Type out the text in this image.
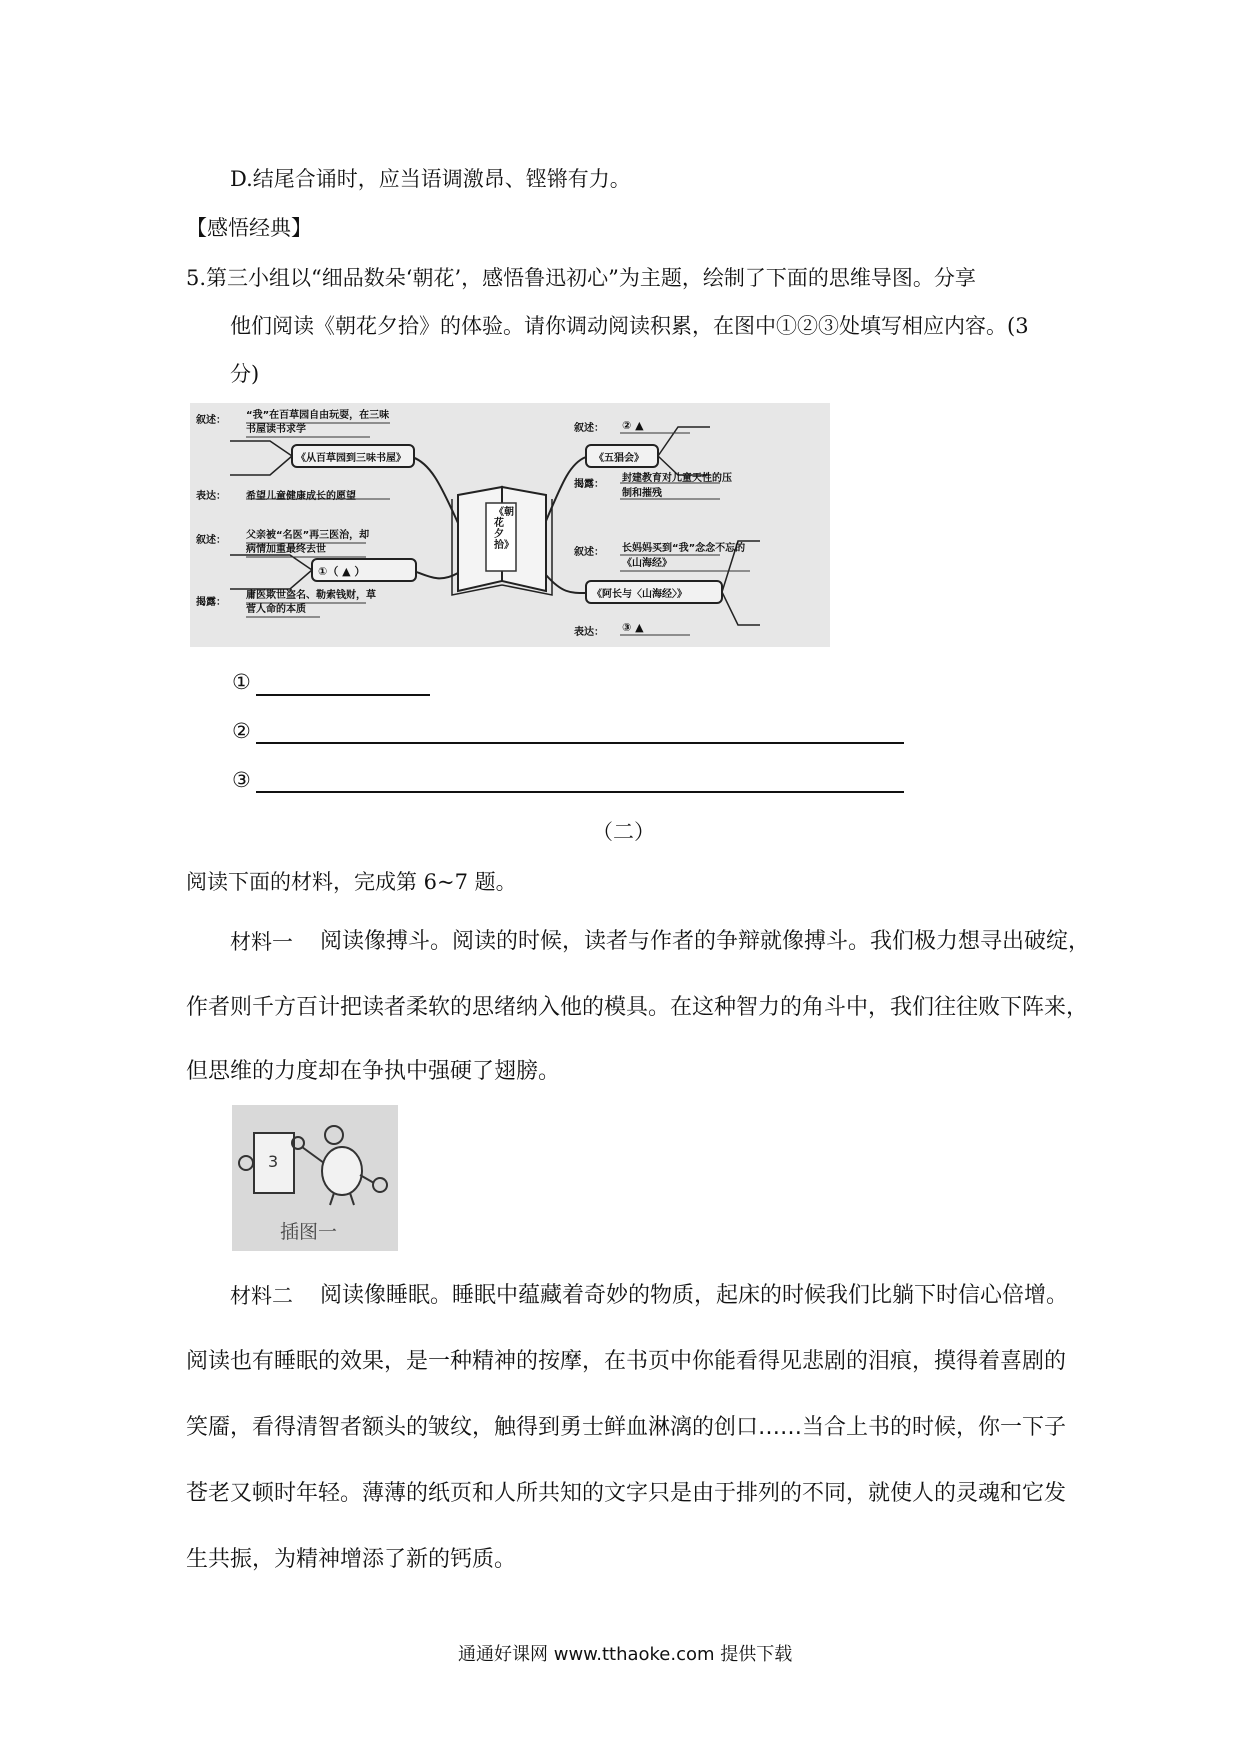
D.结尾合诵时，应当语调激昂、铿锵有力。
【感悟经典】
5.第三小组以“细品数朵‘朝花’，感悟鲁迅初心”为主题，绘制了下面的思维导图。分享
他们阅读《朝花夕拾》的体验。请你调动阅读积累，在图中①②③处填写相应内容。(3
分)
《朝花夕拾》
叙述： “我”在百草园自由玩耍，在三味书屋读书求学
《从百草园到三味书屋》
表达： 希望儿童健康成长的愿望
叙述： 父亲被“名医”再三医治，却病情加重最终去世
①（ ▲ ）
揭露：
庸医欺世盗名、勒索钱财，草菅人命的本质
叙述： ② ▲
《五猖会》
揭露：
封建教育对儿童天性的压制和摧残
叙述： 长妈妈买到“我”念念不忘的《山海经》
《阿长与〈山海经〉》
表达： ③ ▲
①
②
③
（二）
阅读下面的材料，完成第 6~7 题。
材料一 阅读像搏斗。阅读的时候，读者与作者的争辩就像搏斗。我们极力想寻出破绽，
作者则千方百计把读者柔软的思绪纳入他的模具。在这种智力的角斗中，我们往往败下阵来，
但思维的力度却在争执中强硬了翅膀。
3
插图一
材料二 阅读像睡眠。睡眠中蕴藏着奇妙的物质，起床的时候我们比躺下时信心倍增。
阅读也有睡眠的效果，是一种精神的按摩，在书页中你能看得见悲剧的泪痕，摸得着喜剧的
笑靥，看得清智者额头的皱纹，触得到勇士鲜血淋漓的创口……当合上书的时候，你一下子
苍老又顿时年轻。薄薄的纸页和人所共知的文字只是由于排列的不同，就使人的灵魂和它发
生共振，为精神增添了新的钙质。
通通好课网 www.tthaoke.com 提供下载
